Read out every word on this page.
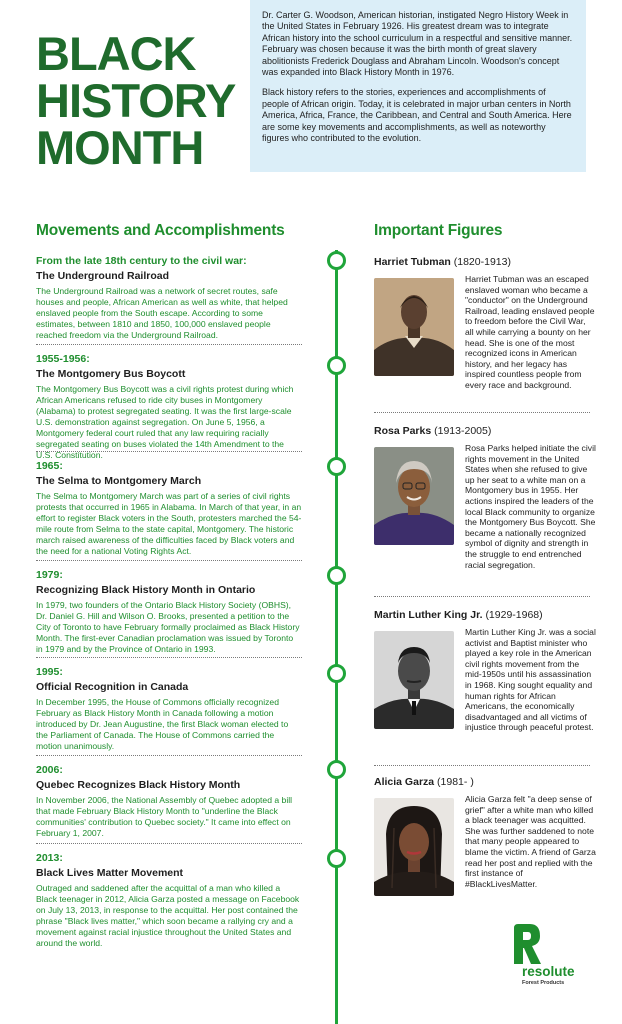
BLACK
HISTORY
MONTH

Dr. Carter G. Woodson, American historian, instigated Negro History Week in the United States in February 1926. His greatest dream was to integrate African history into the school curriculum in a respectful and sensitive manner. February was chosen because it was the birth month of great slavery abolitionists Frederick Douglass and Abraham Lincoln. Woodson's concept was expanded into Black History Month in 1976.

Black history refers to the stories, experiences and accomplishments of people of African origin. Today, it is celebrated in major urban centers in North America, Africa, France, the Caribbean, and Central and South America. Here are some key movements and accomplishments, as well as noteworthy figures who contributed to the evolution.

Movements and Accomplishments	Important Figures
From the late 18th century to the civil war:
The Underground Railroad
The Underground Railroad was a network of secret routes, safe houses and people, African American as well as white, that helped enslaved people from the South escape. According to some estimates, between 1810 and 1850, 100,000 enslaved people reached freedom via the Underground Railroad.
1955-1956:
The Montgomery Bus Boycott
The Montgomery Bus Boycott was a civil rights protest during which African Americans refused to ride city buses in Montgomery (Alabama) to protest segregated seating. It was the first large-scale U.S. demonstration against segregation. On June 5, 1956, a Montgomery federal court ruled that any law requiring racially segregated seating on buses violated the 14th Amendment to the U.S. Constitution.
1965:
The Selma to Montgomery March
The Selma to Montgomery March was part of a series of civil rights protests that occurred in 1965 in Alabama. In March of that year, in an effort to register Black voters in the South, protesters marched the 54-mile route from Selma to the state capital, Montgomery. The historic march raised awareness of the difficulties faced by Black voters and the need for a national Voting Rights Act.
1979:
Recognizing Black History Month in Ontario
In 1979, two founders of the Ontario Black History Society (OBHS), Dr. Daniel G. Hill and Wilson O. Brooks, presented a petition to the City of Toronto to have February formally proclaimed as Black History Month. The first-ever Canadian proclamation was issued by Toronto in 1979 and by the Province of Ontario in 1993.
1995:
Official Recognition in Canada
In December 1995, the House of Commons officially recognized February as Black History Month in Canada following a motion introduced by Dr. Jean Augustine, the first Black woman elected to the Parliament of Canada. The House of Commons carried the motion unanimously.
2006:
Quebec Recognizes Black History Month
In November 2006, the National Assembly of Quebec adopted a bill that made February Black History Month to "underline the Black communities' contribution to Quebec society." It came into effect on February 1, 2007.
2013:
Black Lives Matter Movement
Outraged and saddened after the acquittal of a man who killed a Black teenager in 2012, Alicia Garza posted a message on Facebook on July 13, 2013, in response to the acquittal. Her post contained the phrase "Black lives matter," which soon became a rallying cry and a movement against racial injustice throughout the United States and around the world.
Harriet Tubman (1820-1913)
Harriet Tubman was an escaped enslaved woman who became a "conductor" on the Underground Railroad, leading enslaved people to freedom before the Civil War, all while carrying a bounty on her head. She is one of the most recognized icons in American history, and her legacy has inspired countless people from every race and background.
Rosa Parks (1913-2005)
Rosa Parks helped initiate the civil rights movement in the United States when she refused to give up her seat to a white man on a Montgomery bus in 1955. Her actions inspired the leaders of the local Black community to organize the Montgomery Bus Boycott. She became a nationally recognized symbol of dignity and strength in the struggle to end entrenched racial segregation.
Martin Luther King Jr. (1929-1968)
Martin Luther King Jr. was a social activist and Baptist minister who played a key role in the American civil rights movement from the mid-1950s until his assassination in 1968. King sought equality and human rights for African Americans, the economically disadvantaged and all victims of injustice through peaceful protest.
Alicia Garza (1981- )
Alicia Garza felt "a deep sense of grief" after a white man who killed a black teenager was acquitted. She was further saddened to note that many people appeared to blame the victim. A friend of Garza read her post and replied with the first instance of #BlackLivesMatter.
resolute
Forest Products
